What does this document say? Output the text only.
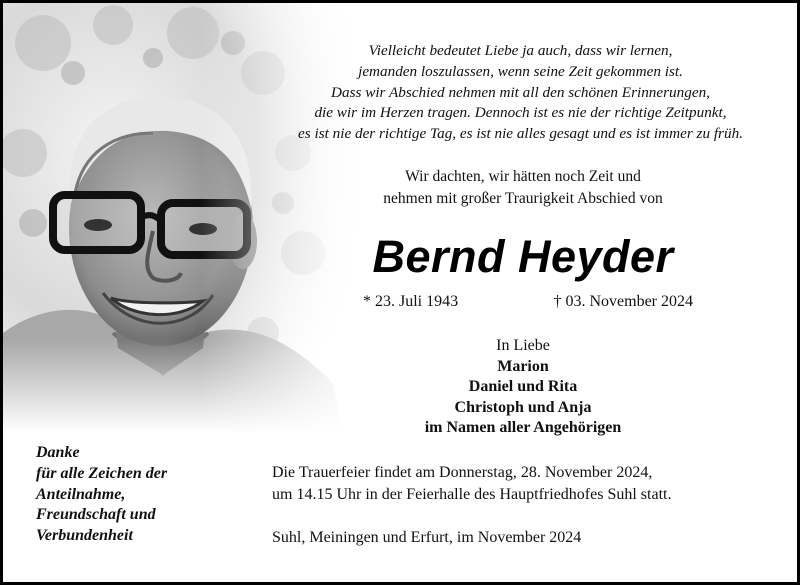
Vielleicht bedeutet Liebe ja auch, dass wir lernen,
jemanden loszulassen, wenn seine Zeit gekommen ist.
Dass wir Abschied nehmen mit all den schönen Erinnerungen,
die wir im Herzen tragen. Dennoch ist es nie der richtige Zeitpunkt,
es ist nie der richtige Tag, es ist nie alles gesagt und es ist immer zu früh.
Wir dachten, wir hätten noch Zeit und
nehmen mit großer Traurigkeit Abschied von
Bernd Heyder
* 23. Juli 1943	† 03. November 2024
In Liebe
Marion
Daniel und Rita
Christoph und Anja
im Namen aller Angehörigen
Danke
für alle Zeichen der
Anteilnahme,
Freundschaft und
Verbundenheit
Die Trauerfeier findet am Donnerstag, 28. November 2024,
um 14.15 Uhr in der Feierhalle des Hauptfriedhofes Suhl statt.
Suhl, Meiningen und Erfurt, im November 2024
